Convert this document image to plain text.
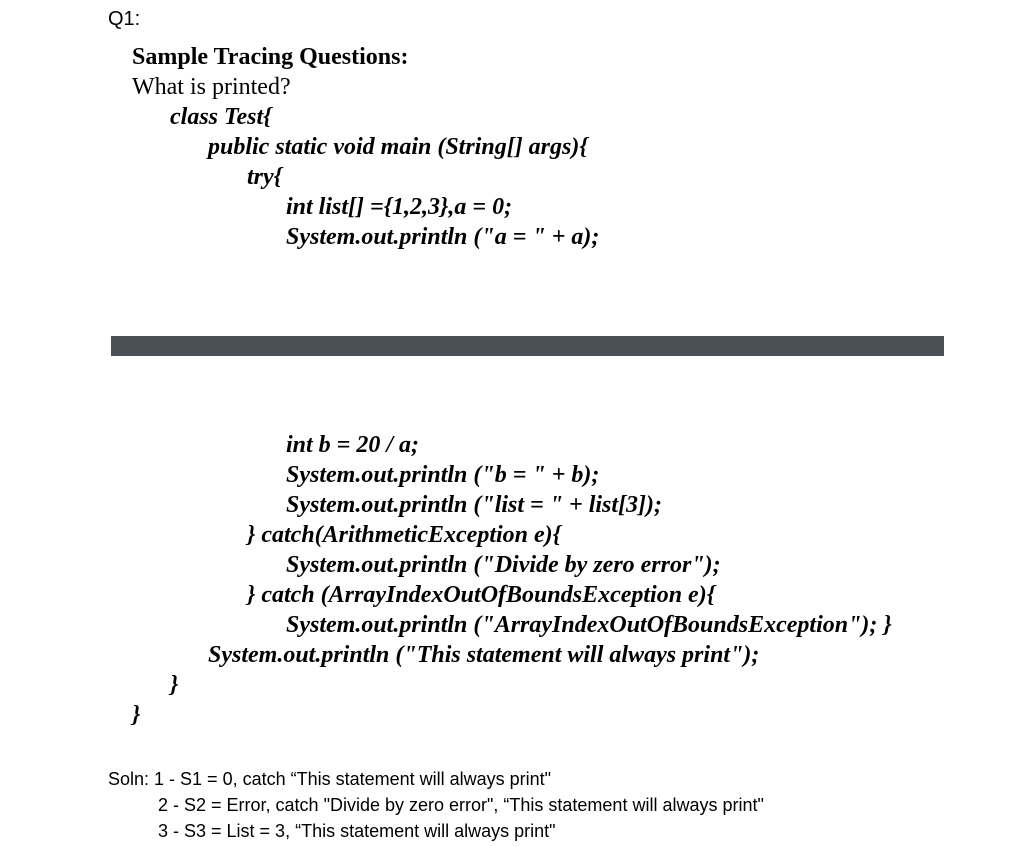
Q1:
Sample Tracing Questions:
What is printed?
class Test{
public static void main (String[] args){
try{
int list[] ={1,2,3},a = 0;
System.out.println ("a = " + a);
int b = 20 / a;
System.out.println ("b = " + b);
System.out.println ("list = " + list[3]);
} catch(ArithmeticException e){
System.out.println ("Divide by zero error");
} catch (ArrayIndexOutOfBoundsException e){
System.out.println ("ArrayIndexOutOfBoundsException"); }
System.out.println ("This statement will always print");
}
}
Soln: 1 - S1 = 0, catch “This statement will always print"
2 - S2 = Error, catch "Divide by zero error", “This statement will always print"
3 - S3 = List = 3, “This statement will always print"
